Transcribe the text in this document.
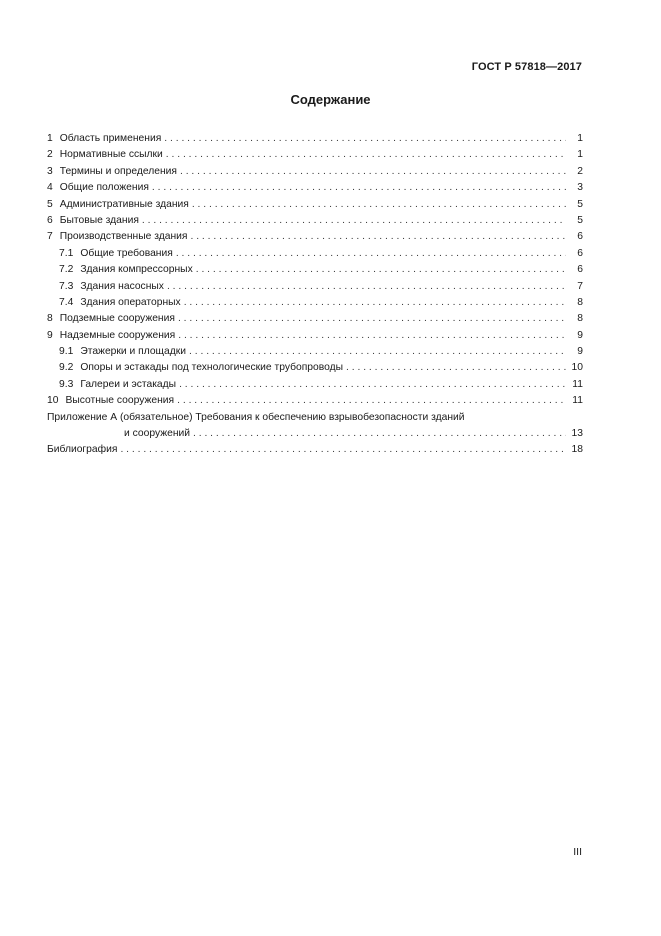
ГОСТ Р 57818—2017
Содержание
1 Область применения . . .	1
2 Нормативные ссылки . . .	1
3 Термины и определения . . .	2
4 Общие положения . . .	3
5 Административные здания . . .	5
6 Бытовые здания . . .	5
7 Производственные здания . . .	6
7.1 Общие требования . . .	6
7.2 Здания компрессорных . . .	6
7.3 Здания насосных . . .	7
7.4 Здания операторных . . .	8
8 Подземные сооружения . . .	8
9 Надземные сооружения . . .	9
9.1 Этажерки и площадки . . .	9
9.2 Опоры и эстакады под технологические трубопроводы . . .	10
9.3 Галереи и эстакады . . .	11
10 Высотные сооружения . . .	11
Приложение А (обязательное) Требования к обеспечению взрывобезопасности зданий
и сооружений . . .	13
Библиография . . .	18
III
